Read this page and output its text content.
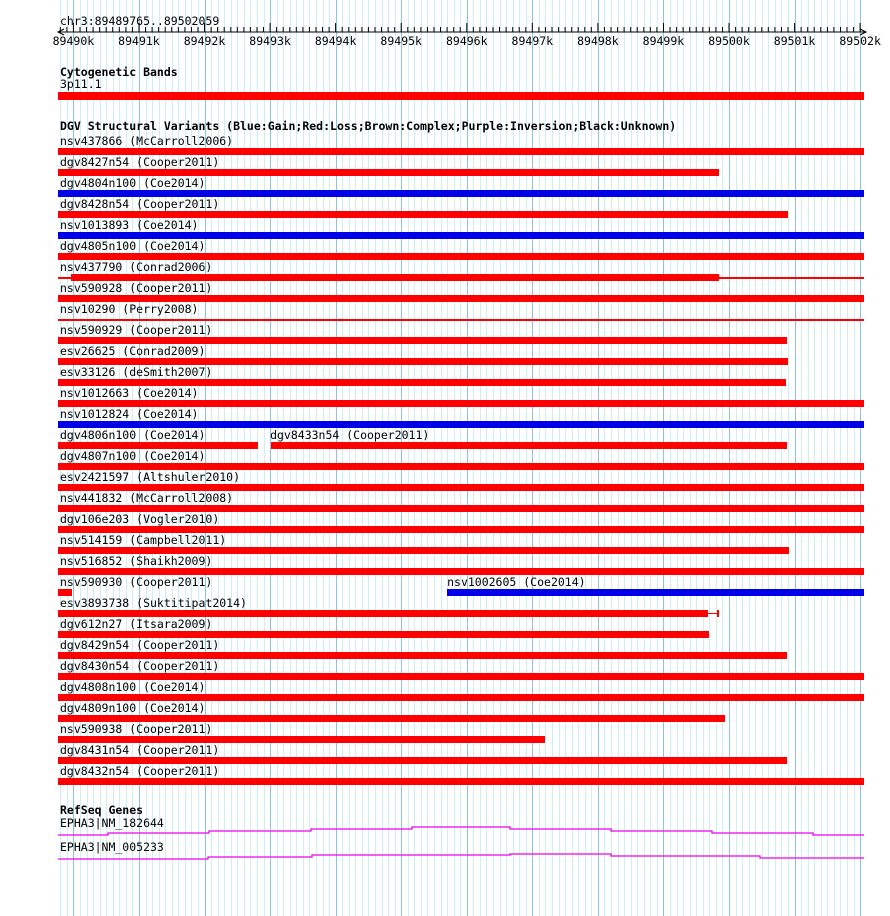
chr3:89489765..89502059
Cytogenetic Bands
DGV Structural Variants (Blue:Gain;Red:Loss;Brown:Complex;Purple:Inversion;Black:Unknown)
RefSeq Genes
89490k 89491k 89492k 89493k 89494k 89495k 89496k 89497k 89498k 89499k 89500k 89501k 89502k
3p11.1
nsv437866 (McCarroll2006)
dgv8427n54 (Cooper2011)
dgv4804n100 (Coe2014)
dgv8428n54 (Cooper2011)
nsv1013893 (Coe2014)
dgv4805n100 (Coe2014)
nsv437790 (Conrad2006)
nsv590928 (Cooper2011)
nsv10290 (Perry2008)
nsv590929 (Cooper2011)
esv26625 (Conrad2009)
esv33126 (deSmith2007)
nsv1012663 (Coe2014)
nsv1012824 (Coe2014)
dgv4806n100 (Coe2014)	dgv8433n54 (Cooper2011)
dgv4807n100 (Coe2014)
esv2421597 (Altshuler2010)
nsv441832 (McCarroll2008)
dgv106e203 (Vogler2010)
nsv514159 (Campbell2011)
nsv516852 (Shaikh2009)
nsv590930 (Cooper2011)	nsv1002605 (Coe2014)
esv3893738 (Suktitipat2014)
dgv612n27 (Itsara2009)
dgv8429n54 (Cooper2011)
dgv8430n54 (Cooper2011)
dgv4808n100 (Coe2014)
dgv4809n100 (Coe2014)
nsv590938 (Cooper2011)
dgv8431n54 (Cooper2011)
dgv8432n54 (Cooper2011)
EPHA3|NM_182644
EPHA3|NM_005233
